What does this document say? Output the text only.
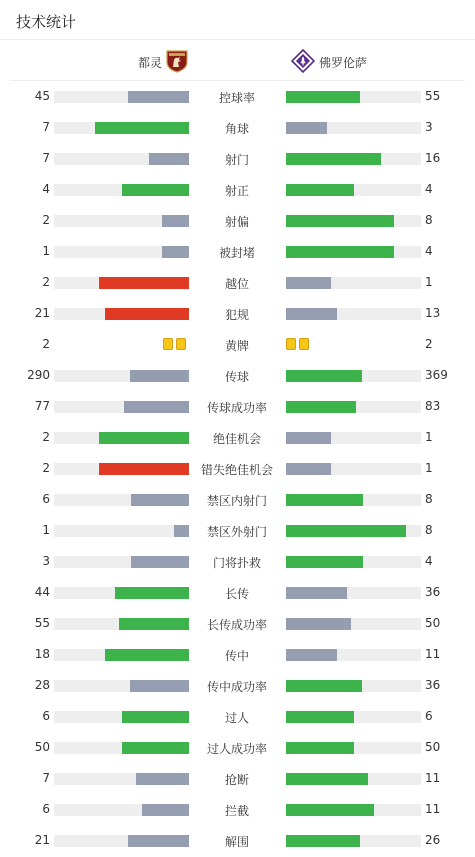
技术统计
都灵	佛罗伦萨
45	控球率	55
7	角球	3
7	射门	16
4	射正	4
2	射偏	8
1	被封堵	4
2	越位	1
21	犯规	13
2	黄牌	2
290	传球	369
77	传球成功率	83
2	绝佳机会	1
2	错失绝佳机会	1
6	禁区内射门	8
1	禁区外射门	8
3	门将扑救	4
44	长传	36
55	长传成功率	50
18	传中	11
28	传中成功率	36
6	过人	6
50	过人成功率	50
7	抢断	11
6	拦截	11
21	解围	26
